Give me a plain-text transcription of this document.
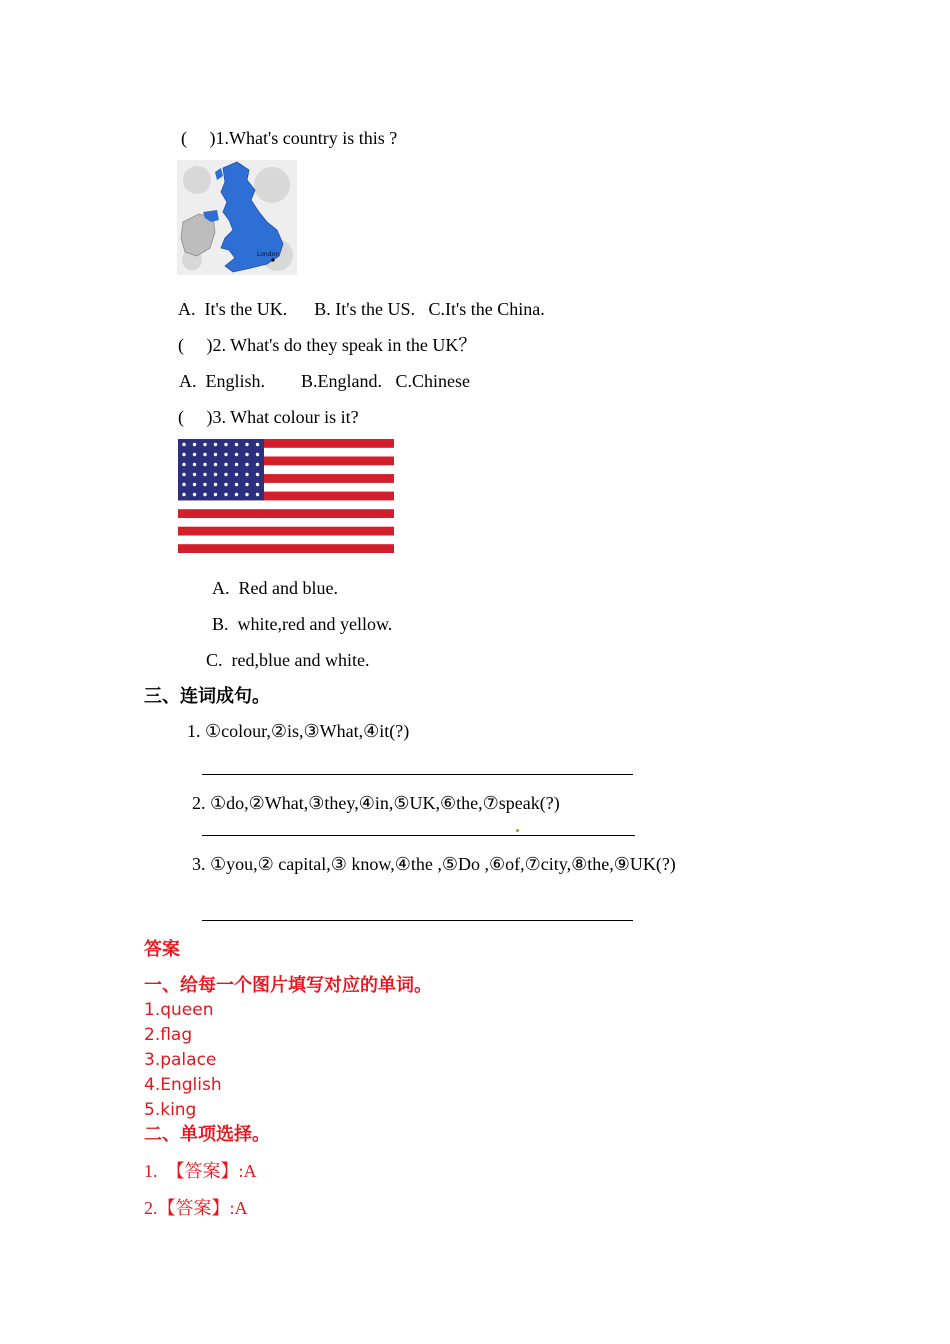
(     )1.What's country is this ?
London
A.  It's the UK.      B. It's the US.   C.It's the China.
(     )2. What's do they speak in the UK？
A.  English.        B.England.   C.Chinese
(     )3. What colour is it?
A.  Red and blue.
B.  white,red and yellow.
C.  red,blue and white.
三、连词成句。
1. ①colour,②is,③What,④it(?)
2. ①do,②What,③they,④in,⑤UK,⑥the,⑦speak(?)
3. ①you,② capital,③ know,④the ,⑤Do ,⑥of,⑦city,⑧the,⑨UK(?)
答案
一、给每一个图片填写对应的单词。
1.queen
2.flag
3.palace
4.English
5.king
二、单项选择。
1.  【答案】:A
2.【答案】:A
